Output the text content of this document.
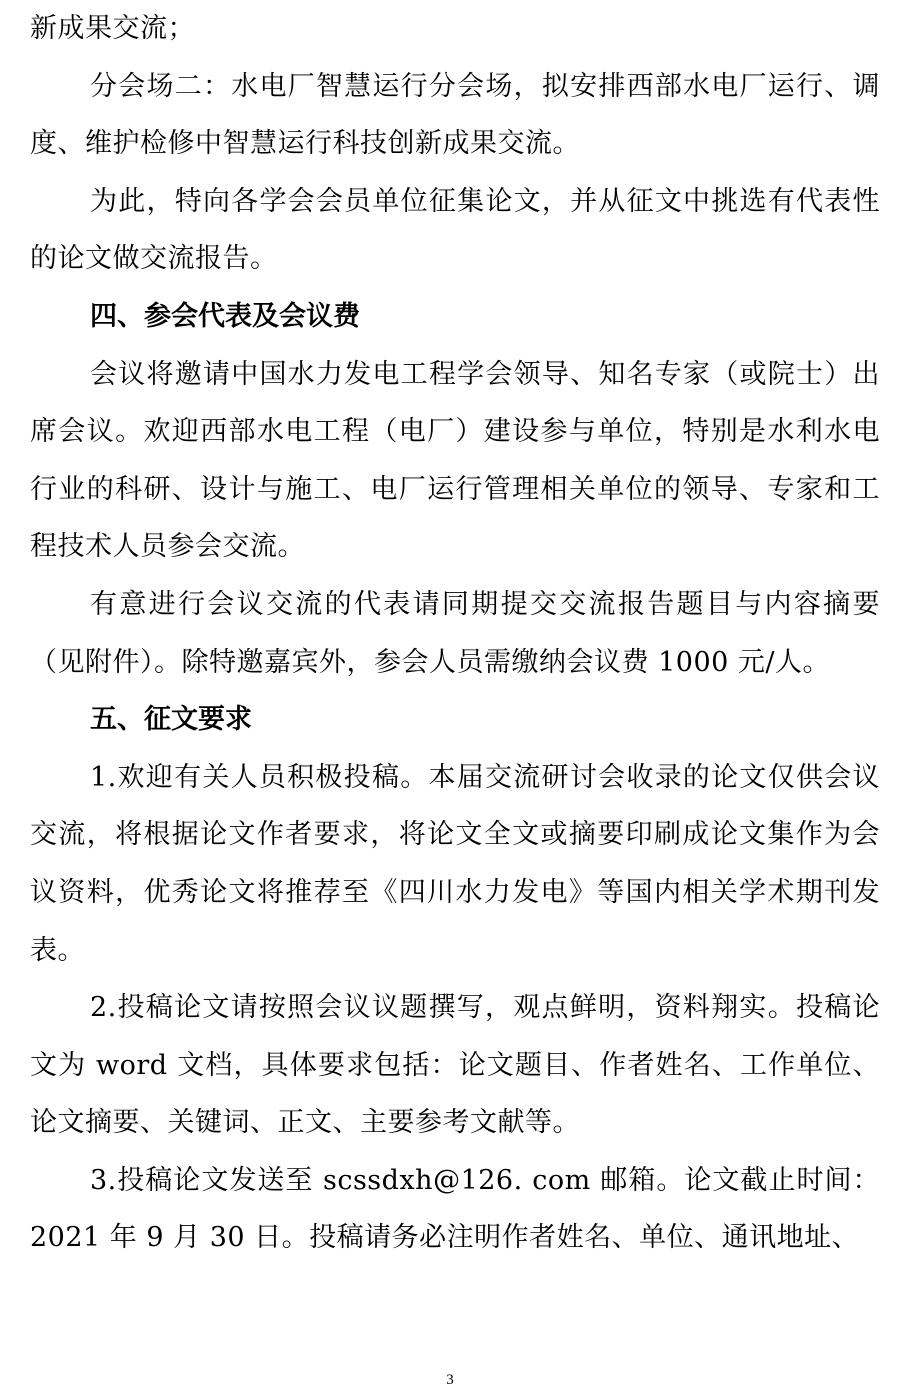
新成果交流；

分会场二：水电厂智慧运行分会场，拟安排西部水电厂运行、调度、维护检修中智慧运行科技创新成果交流。

为此，特向各学会会员单位征集论文，并从征文中挑选有代表性的论文做交流报告。

四、参会代表及会议费

会议将邀请中国水力发电工程学会领导、知名专家（或院士）出席会议。欢迎西部水电工程（电厂）建设参与单位，特别是水利水电行业的科研、设计与施工、电厂运行管理相关单位的领导、专家和工程技术人员参会交流。

有意进行会议交流的代表请同期提交交流报告题目与内容摘要（见附件）。除特邀嘉宾外，参会人员需缴纳会议费 1000 元/人。

五、征文要求

1.欢迎有关人员积极投稿。本届交流研讨会收录的论文仅供会议交流，将根据论文作者要求，将论文全文或摘要印刷成论文集作为会议资料，优秀论文将推荐至《四川水力发电》等国内相关学术期刊发表。

2.投稿论文请按照会议议题撰写，观点鲜明，资料翔实。投稿论文为 word 文档，具体要求包括：论文题目、作者姓名、工作单位、论文摘要、关键词、正文、主要参考文献等。

3.投稿论文发送至 scssdxh@126. com 邮箱。论文截止时间：2021 年 9 月 30 日。投稿请务必注明作者姓名、单位、通讯地址、

3
